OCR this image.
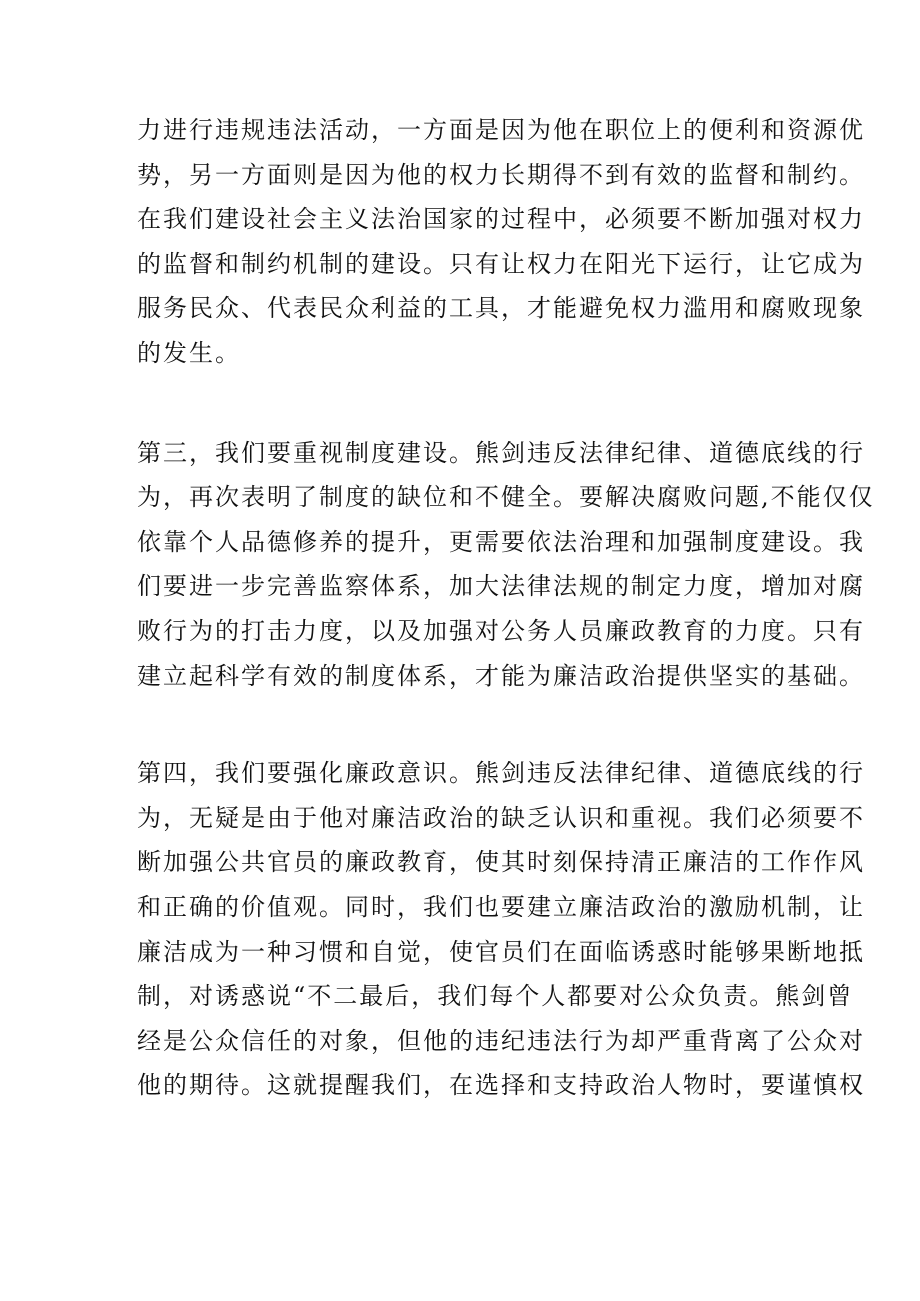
力进行违规违法活动，一方面是因为他在职位上的便利和资源优
势，另一方面则是因为他的权力长期得不到有效的监督和制约。
在我们建设社会主义法治国家的过程中，必须要不断加强对权力
的监督和制约机制的建设。只有让权力在阳光下运行，让它成为
服务民众、代表民众利益的工具，才能避免权力滥用和腐败现象
的发生。
第三，我们要重视制度建设。熊剑违反法律纪律、道德底线的行
为，再次表明了制度的缺位和不健全。要解决腐败问题,不能仅仅
依靠个人品德修养的提升，更需要依法治理和加强制度建设。我
们要进一步完善监察体系，加大法律法规的制定力度，增加对腐
败行为的打击力度，以及加强对公务人员廉政教育的力度。只有
建立起科学有效的制度体系，才能为廉洁政治提供坚实的基础。
第四，我们要强化廉政意识。熊剑违反法律纪律、道德底线的行
为，无疑是由于他对廉洁政治的缺乏认识和重视。我们必须要不
断加强公共官员的廉政教育，使其时刻保持清正廉洁的工作作风
和正确的价值观。同时，我们也要建立廉洁政治的激励机制，让
廉洁成为一种习惯和自觉，使官员们在面临诱惑时能够果断地抵
制，对诱惑说“不二最后，我们每个人都要对公众负责。熊剑曾
经是公众信任的对象，但他的违纪违法行为却严重背离了公众对
他的期待。这就提醒我们，在选择和支持政治人物时，要谨慎权
